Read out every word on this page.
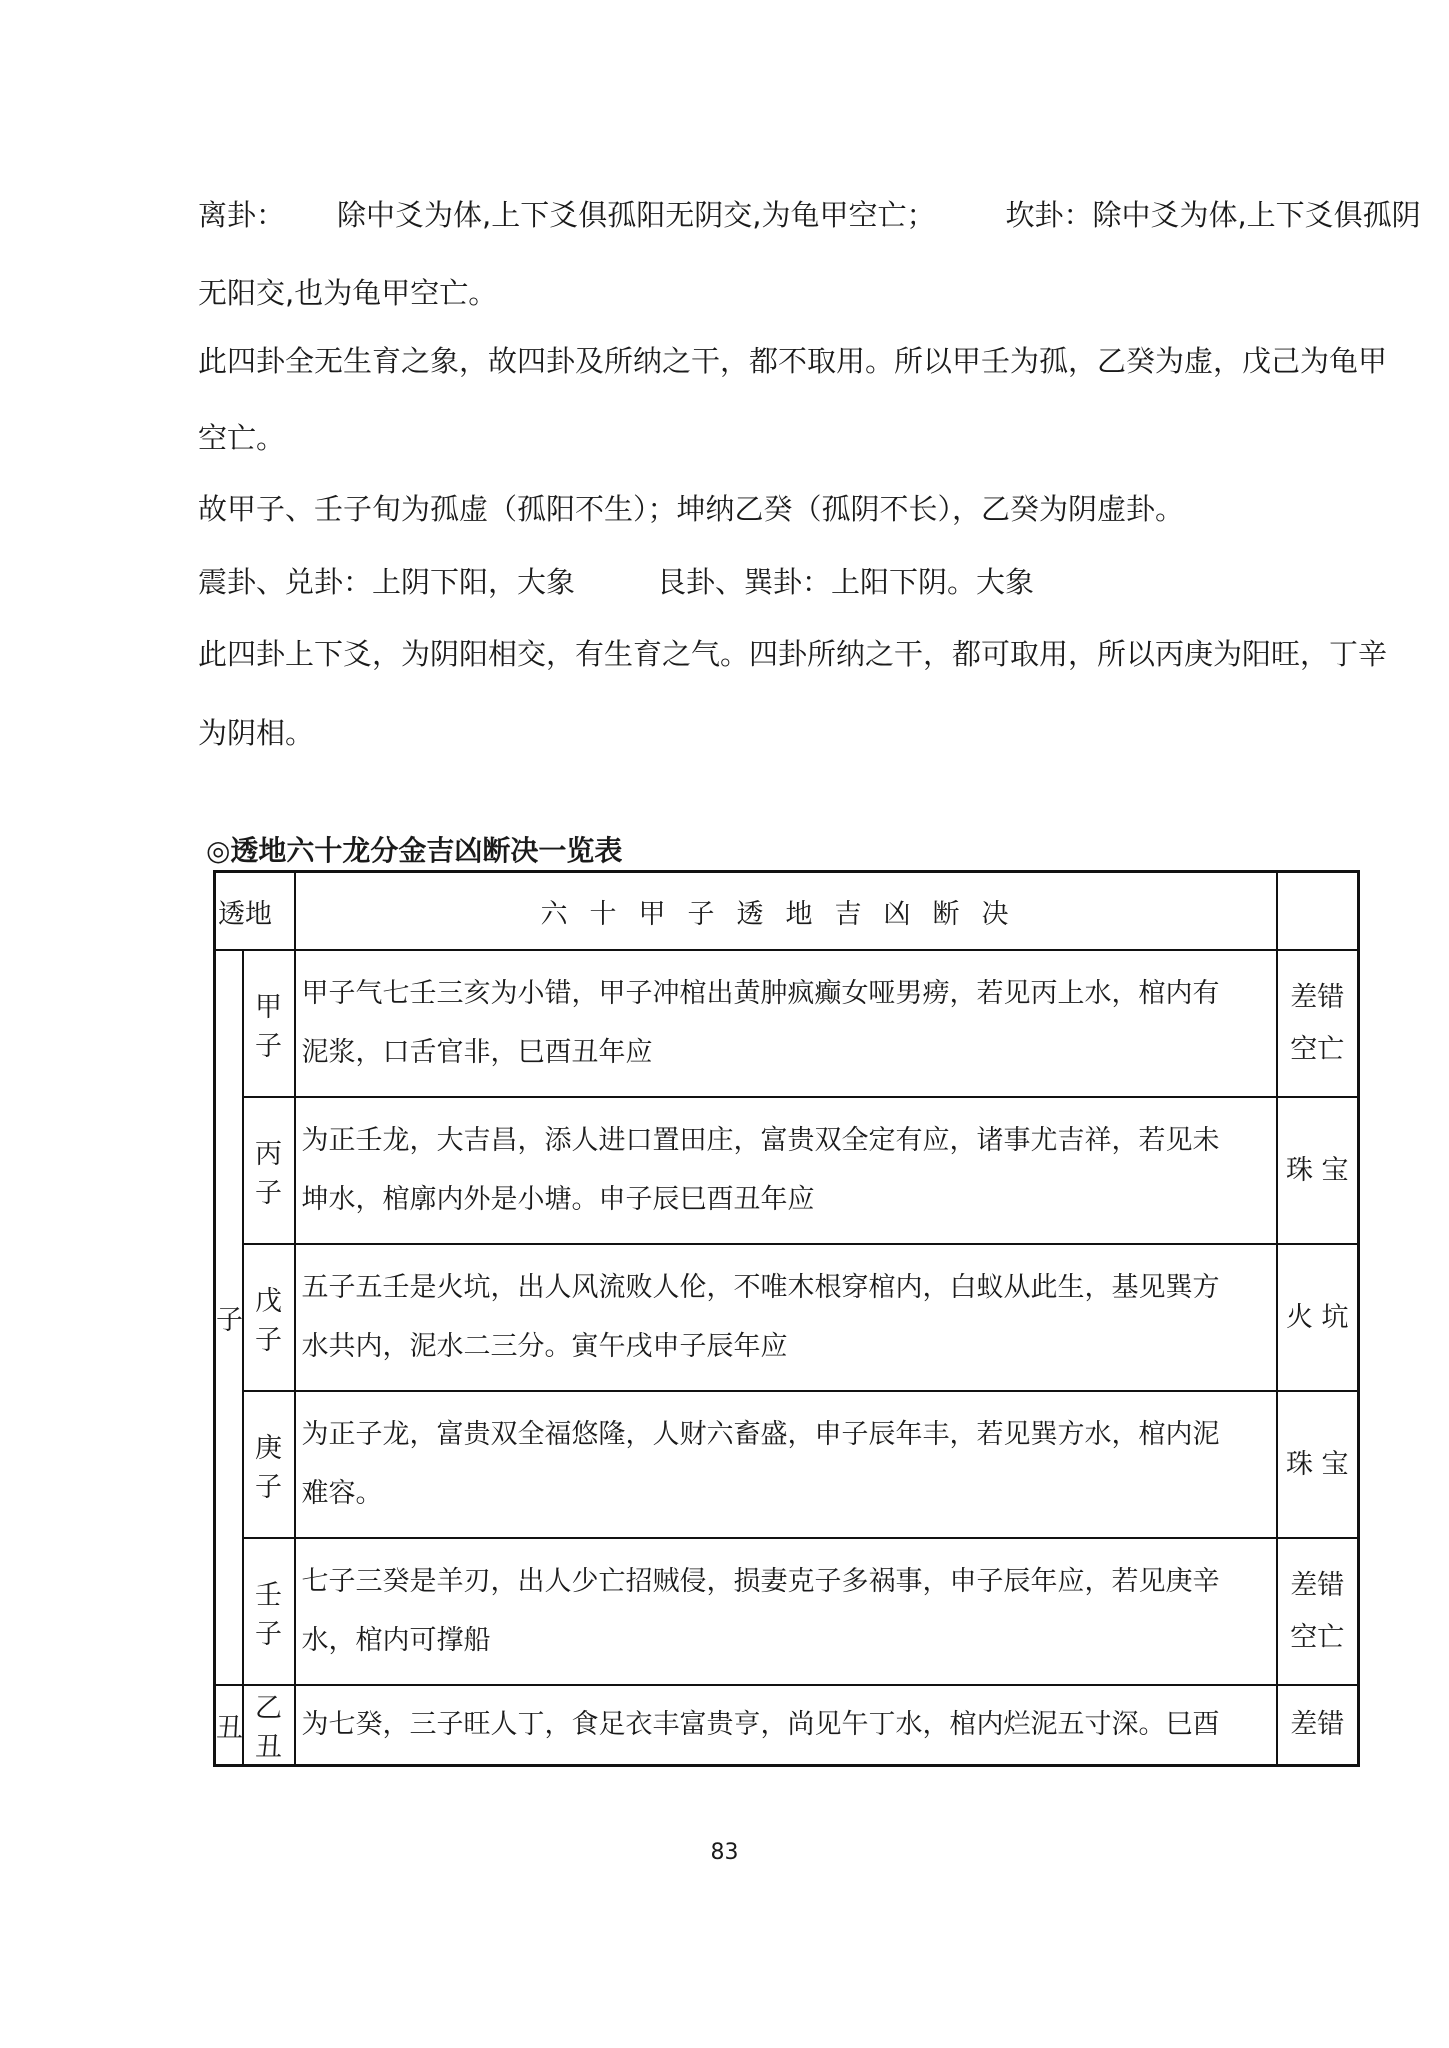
离卦： 除中爻为体,上下爻俱孤阳无阴交,为龟甲空亡； 坎卦：除中爻为体,上下爻俱孤阴

无阳交,也为龟甲空亡。

此四卦全无生育之象，故四卦及所纳之干，都不取用。所以甲壬为孤，乙癸为虚，戊己为龟甲

空亡。

故甲子、壬子旬为孤虚（孤阳不生）；坤纳乙癸（孤阴不长），乙癸为阴虚卦。

震卦、兑卦：上阴下阳，大象	艮卦、巽卦：上阳下阴。大象

此四卦上下爻，为阴阳相交，有生育之气。四卦所纳之干，都可取用，所以丙庚为阳旺，丁辛

为阴相。

◎透地六十龙分金吉凶断决一览表

透地		六十甲子透地吉凶断决	
子	甲子	甲子气七壬三亥为小错，甲子冲棺出黄肿疯癫女哑男痨，若见丙上水，棺内有
泥浆，口舌官非，巳酉丑年应	差错
空亡

	丙子	为正壬龙，大吉昌，添人进口置田庄，富贵双全定有应，诸事尤吉祥，若见未
坤水，棺廓内外是小塘。申子辰巳酉丑年应	珠 宝
	戊子	五子五壬是火坑，出人风流败人伦，不唯木根穿棺内，白蚁从此生，基见巽方
水共内，泥水二三分。寅午戌申子辰年应	火 坑
	庚子	为正子龙，富贵双全福悠隆，人财六畜盛，申子辰年丰，若见巽方水，棺内泥
难容。	珠 宝
	壬子	七子三癸是羊刃，出人少亡招贼侵，损妻克子多祸事，申子辰年应，若见庚辛
水，棺内可撑船	差错
空亡

丑	乙丑	为七癸，三子旺人丁，食足衣丰富贵亨，尚见午丁水，棺内烂泥五寸深。巳酉	差错

83
